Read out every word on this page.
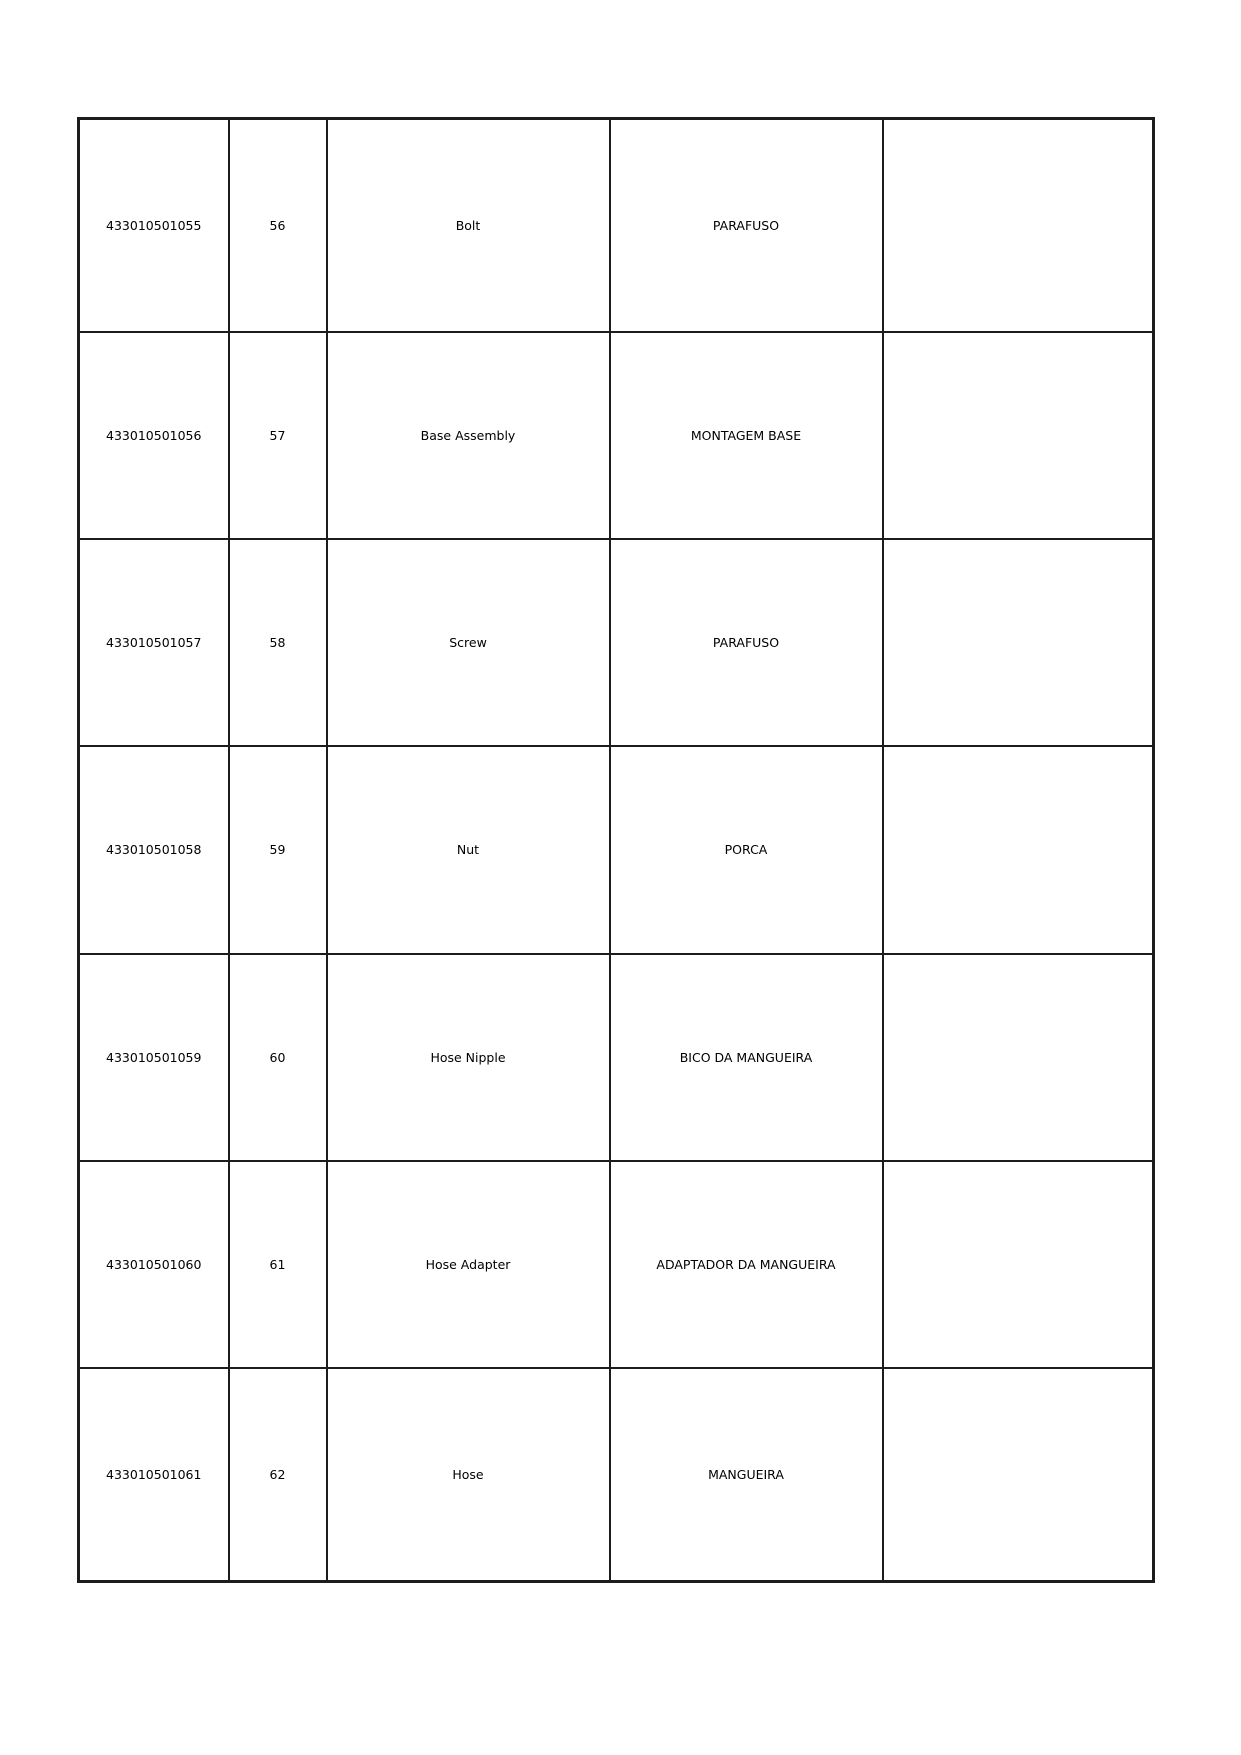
433010501055	56	Bolt	PARAFUSO	
433010501056	57	Base Assembly	MONTAGEM BASE	
433010501057	58	Screw	PARAFUSO	
433010501058	59	Nut	PORCA	
433010501059	60	Hose Nipple	BICO DA MANGUEIRA	
433010501060	61	Hose Adapter	ADAPTADOR DA MANGUEIRA	
433010501061	62	Hose	MANGUEIRA	
